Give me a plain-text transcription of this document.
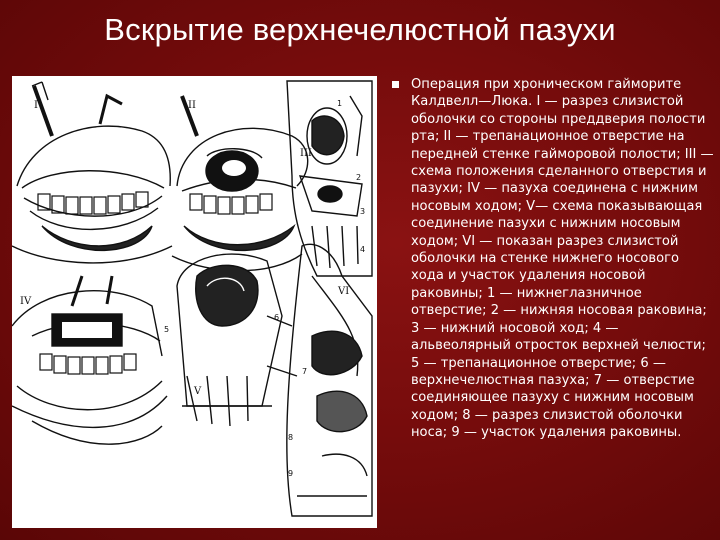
Вскрытие верхнечелюстной пазухи
I	II
III
IV
V
VI
1
2
3
4
5
6
7
8
9

Операция при хроническом гайморите Калдвелл—Люка. I — разрез слизистой оболочки со стороны преддверия полости рта; II — трепанационное отверстие на передней стенке гайморовой полости; III — схема положения сделанного отверстия и пазухи; IV — пазуха соединена с нижним носовым ходом; V— схема показывающая соединение пазухи с нижним носовым ходом; VI — показан разрез слизистой оболочки на стенке нижнего носового хода и участок удаления носовой раковины; 1 — нижнеглазничное отверстие; 2 — нижняя носовая раковина; 3 — нижний носовой ход; 4 — альвеолярный отросток верхней челюсти; 5 — трепанационное отверстие; 6 — верхнечелюстная пазуха; 7 — отверстие соединяющее пазуху с нижним носовым ходом; 8 — разрез слизистой оболочки носа; 9 — участок удаления раковины.
